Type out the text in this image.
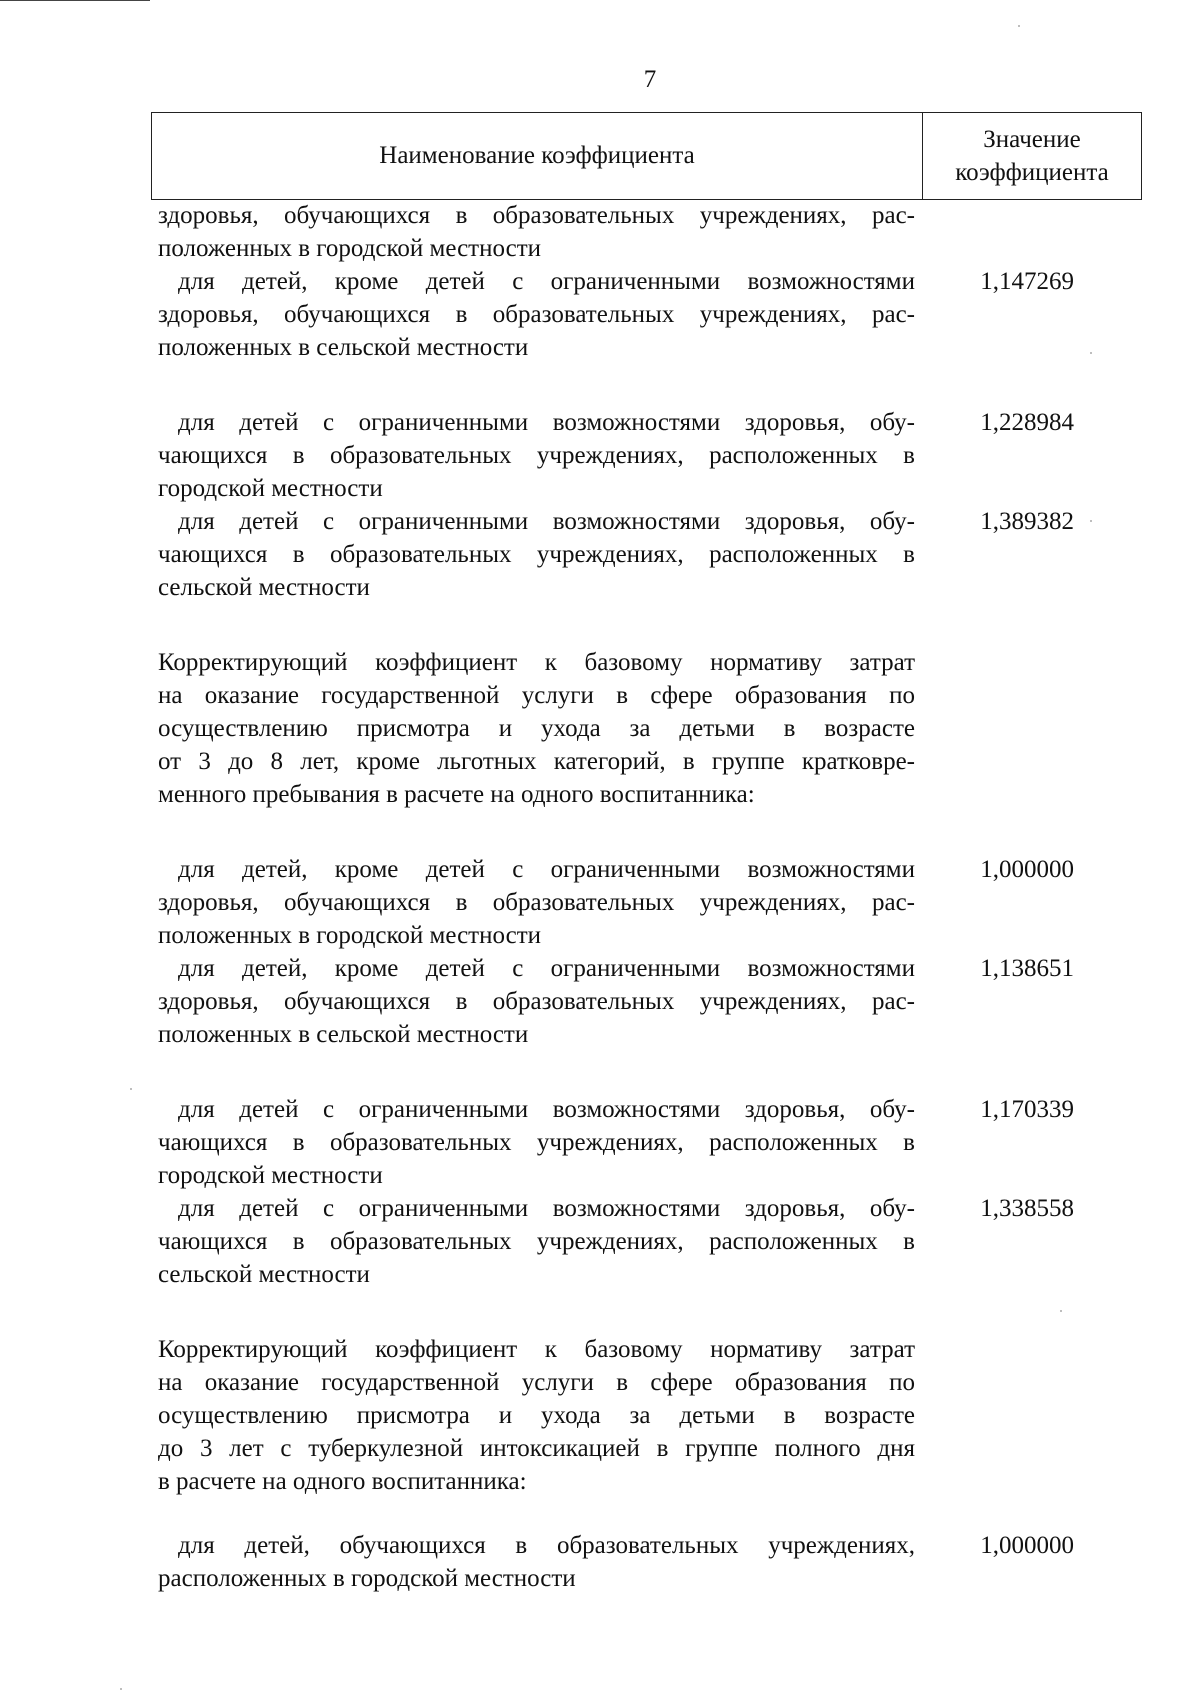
7
Наименование коэффициента
Значение
коэффициента
здоровья, обучающихся в образовательных учреждениях, рас-
положенных в городской местности
для детей, кроме детей с ограниченными возможностями
здоровья, обучающихся в образовательных учреждениях, рас-
положенных в сельской местности
1,147269
для детей с ограниченными возможностями здоровья, обу-
чающихся в образовательных учреждениях, расположенных в
городской местности
1,228984
для детей с ограниченными возможностями здоровья, обу-
чающихся в образовательных учреждениях, расположенных в
сельской местности
1,389382
Корректирующий коэффициент к базовому нормативу затрат
на оказание государственной услуги в сфере образования по
осуществлению присмотра и ухода за детьми в возрасте
от 3 до 8 лет, кроме льготных категорий, в группе кратковре-
менного пребывания в расчете на одного воспитанника:
для детей, кроме детей с ограниченными возможностями
здоровья, обучающихся в образовательных учреждениях, рас-
положенных в городской местности
1,000000
для детей, кроме детей с ограниченными возможностями
здоровья, обучающихся в образовательных учреждениях, рас-
положенных в сельской местности
1,138651
для детей с ограниченными возможностями здоровья, обу-
чающихся в образовательных учреждениях, расположенных в
городской местности
1,170339
для детей с ограниченными возможностями здоровья, обу-
чающихся в образовательных учреждениях, расположенных в
сельской местности
1,338558
Корректирующий коэффициент к базовому нормативу затрат
на оказание государственной услуги в сфере образования по
осуществлению присмотра и ухода за детьми в возрасте
до 3 лет с туберкулезной интоксикацией в группе полного дня
в расчете на одного воспитанника:
для детей, обучающихся в образовательных учреждениях,
расположенных в городской местности
1,000000
